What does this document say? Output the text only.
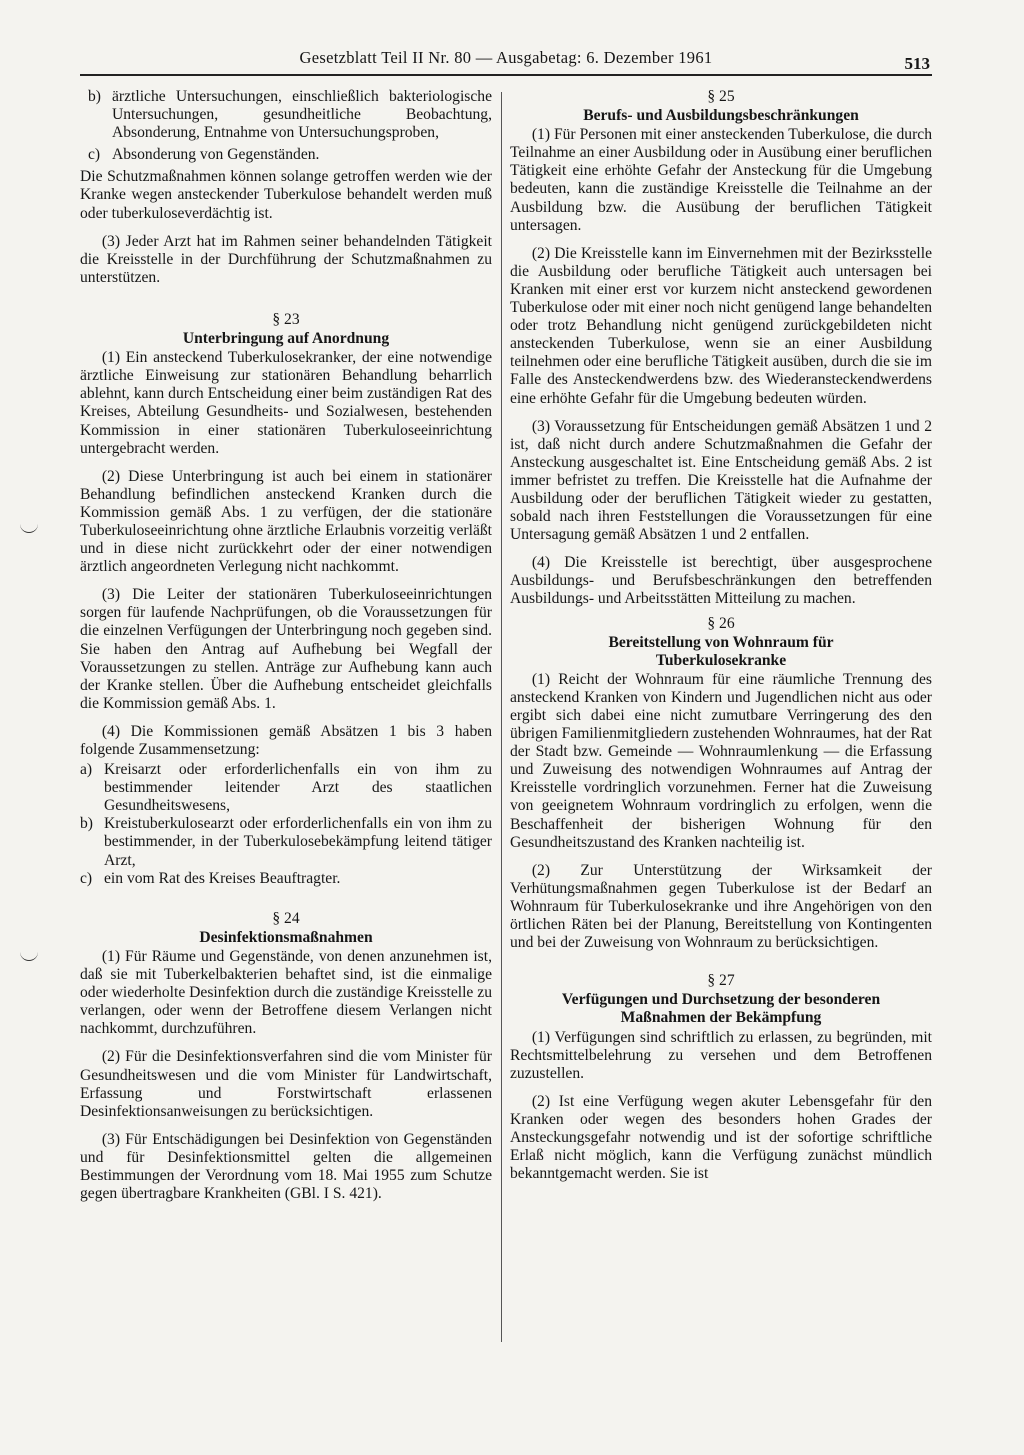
Gesetzblatt Teil II Nr. 80 — Ausgabetag: 6. Dezember 1961	513
b) ärztliche Untersuchungen, einschließlich bakteriologische Untersuchungen, gesundheitliche Beobachtung, Absonderung, Entnahme von Untersuchungsproben,
c) Absonderung von Gegenständen.

Die Schutzmaßnahmen können solange getroffen werden wie der Kranke wegen ansteckender Tuberkulose behandelt werden muß oder tuberkuloseverdächtig ist.

(3) Jeder Arzt hat im Rahmen seiner behandelnden Tätigkeit die Kreisstelle in der Durchführung der Schutzmaßnahmen zu unterstützen.

§ 23
Unterbringung auf Anordnung

(1) Ein ansteckend Tuberkulosekranker, der eine notwendige ärztliche Einweisung zur stationären Behandlung beharrlich ablehnt, kann durch Entscheidung einer beim zuständigen Rat des Kreises, Abteilung Gesundheits- und Sozialwesen, bestehenden Kommission in einer stationären Tuberkuloseeinrichtung untergebracht werden.

(2) Diese Unterbringung ist auch bei einem in stationärer Behandlung befindlichen ansteckend Kranken durch die Kommission gemäß Abs. 1 zu verfügen, der die stationäre Tuberkuloseeinrichtung ohne ärztliche Erlaubnis vorzeitig verläßt und in diese nicht zurückkehrt oder der einer notwendigen ärztlich angeordneten Verlegung nicht nachkommt.

(3) Die Leiter der stationären Tuberkuloseeinrichtungen sorgen für laufende Nachprüfungen, ob die Voraussetzungen für die einzelnen Verfügungen der Unterbringung noch gegeben sind. Sie haben den Antrag auf Aufhebung bei Wegfall der Voraussetzungen zu stellen. Anträge zur Aufhebung kann auch der Kranke stellen. Über die Aufhebung entscheidet gleichfalls die Kommission gemäß Abs. 1.

(4) Die Kommissionen gemäß Absätzen 1 bis 3 haben folgende Zusammensetzung:

a) Kreisarzt oder erforderlichenfalls ein von ihm zu bestimmender leitender Arzt des staatlichen Gesundheitswesens,
b) Kreistuberkulosearzt oder erforderlichenfalls ein von ihm zu bestimmender, in der Tuberkulosebekämpfung leitend tätiger Arzt,
c) ein vom Rat des Kreises Beauftragter.
§ 24
Desinfektionsmaßnahmen

(1) Für Räume und Gegenstände, von denen anzunehmen ist, daß sie mit Tuberkelbakterien behaftet sind, ist die einmalige oder wiederholte Desinfektion durch die zuständige Kreisstelle zu verlangen, oder wenn der Betroffene diesem Verlangen nicht nachkommt, durchzuführen.

(2) Für die Desinfektionsverfahren sind die vom Minister für Gesundheitswesen und die vom Minister für Landwirtschaft, Erfassung und Forstwirtschaft erlassenen Desinfektionsanweisungen zu berücksichtigen.

(3) Für Entschädigungen bei Desinfektion von Gegenständen und für Desinfektionsmittel gelten die allgemeinen Bestimmungen der Verordnung vom 18. Mai 1955 zum Schutze gegen übertragbare Krankheiten (GBl. I S. 421).

§ 25
Berufs- und Ausbildungsbeschränkungen

(1) Für Personen mit einer ansteckenden Tuberkulose, die durch Teilnahme an einer Ausbildung oder in Ausübung einer beruflichen Tätigkeit eine erhöhte Gefahr der Ansteckung für die Umgebung bedeuten, kann die zuständige Kreisstelle die Teilnahme an der Ausbildung bzw. die Ausübung der beruflichen Tätigkeit untersagen.

(2) Die Kreisstelle kann im Einvernehmen mit der Bezirksstelle die Ausbildung oder berufliche Tätigkeit auch untersagen bei Kranken mit einer erst vor kurzem nicht ansteckend gewordenen Tuberkulose oder mit einer noch nicht genügend lange behandelten oder trotz Behandlung nicht genügend zurückgebildeten nicht ansteckenden Tuberkulose, wenn sie an einer Ausbildung teilnehmen oder eine berufliche Tätigkeit ausüben, durch die sie im Falle des Ansteckendwerdens bzw. des Wiederansteckendwerdens eine erhöhte Gefahr für die Umgebung bedeuten würden.

(3) Voraussetzung für Entscheidungen gemäß Absätzen 1 und 2 ist, daß nicht durch andere Schutzmaßnahmen die Gefahr der Ansteckung ausgeschaltet ist. Eine Entscheidung gemäß Abs. 2 ist immer befristet zu treffen. Die Kreisstelle hat die Aufnahme der Ausbildung oder der beruflichen Tätigkeit wieder zu gestatten, sobald nach ihren Feststellungen die Voraussetzungen für eine Untersagung gemäß Absätzen 1 und 2 entfallen.

(4) Die Kreisstelle ist berechtigt, über ausgesprochene Ausbildungs- und Berufsbeschränkungen den betreffenden Ausbildungs- und Arbeitsstätten Mitteilung zu machen.

§ 26
Bereitstellung von Wohnraum für Tuberkulosekranke

(1) Reicht der Wohnraum für eine räumliche Trennung des ansteckend Kranken von Kindern und Jugendlichen nicht aus oder ergibt sich dabei eine nicht zumutbare Verringerung des den übrigen Familienmitgliedern zustehenden Wohnraumes, hat der Rat der Stadt bzw. Gemeinde — Wohnraumlenkung — die Erfassung und Zuweisung des notwendigen Wohnraumes auf Antrag der Kreisstelle vordringlich vorzunehmen. Ferner hat die Zuweisung von geeignetem Wohnraum vordringlich zu erfolgen, wenn die Beschaffenheit der bisherigen Wohnung für den Gesundheitszustand des Kranken nachteilig ist.

(2) Zur Unterstützung der Wirksamkeit der Verhütungsmaßnahmen gegen Tuberkulose ist der Bedarf an Wohnraum für Tuberkulosekranke und ihre Angehörigen von den örtlichen Räten bei der Planung, Bereitstellung von Kontingenten und bei der Zuweisung von Wohnraum zu berücksichtigen.

§ 27
Verfügungen und Durchsetzung der besonderen Maßnahmen der Bekämpfung

(1) Verfügungen sind schriftlich zu erlassen, zu begründen, mit Rechtsmittelbelehrung zu versehen und dem Betroffenen zuzustellen.

(2) Ist eine Verfügung wegen akuter Lebensgefahr für den Kranken oder wegen des besonders hohen Grades der Ansteckungsgefahr notwendig und ist der sofortige schriftliche Erlaß nicht möglich, kann die Verfügung zunächst mündlich bekanntgemacht werden. Sie ist
